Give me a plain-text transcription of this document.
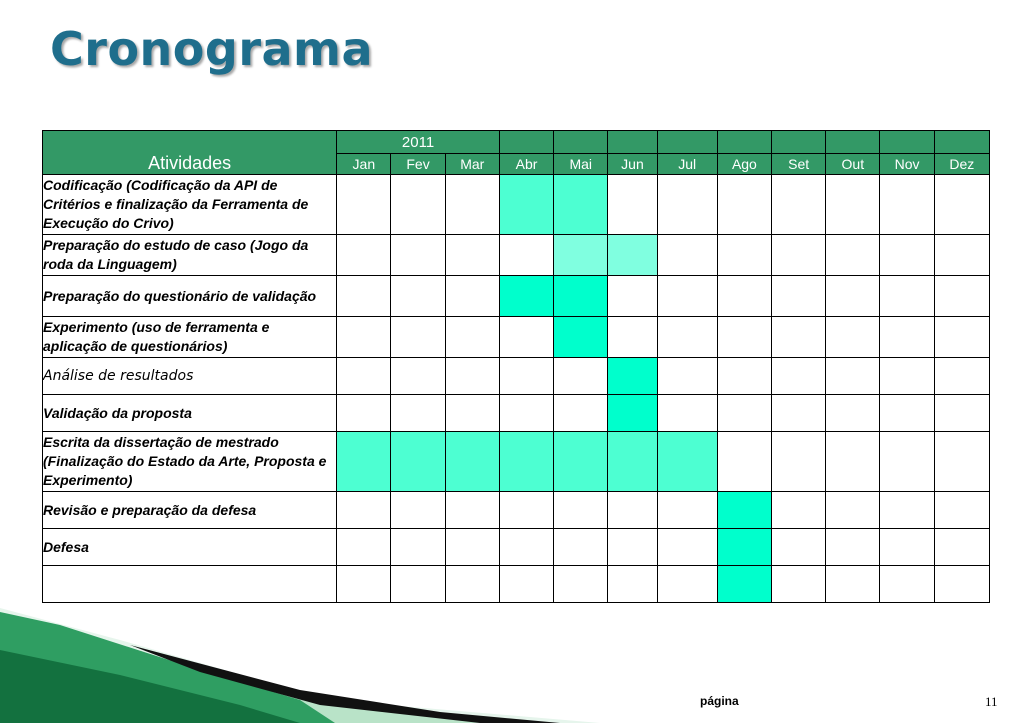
Cronograma
Atividades	2011											
	Jan	Fev	Mar	Abr	Mai	Jun	Jul	Ago	Set	Out	Nov	Dez
Codificação (Codificação da API de Critérios e finalização da Ferramenta de Execução do Crivo)												
Preparação do estudo de caso (Jogo da roda da Linguagem)												
Preparação do questionário de validação												
Experimento (uso de ferramenta e aplicação de questionários)												
Análise de resultados												
Validação da proposta												
Escrita da dissertação de mestrado (Finalização do Estado da Arte, Proposta e Experimento)												
Revisão e preparação da defesa												
Defesa												

página	11
